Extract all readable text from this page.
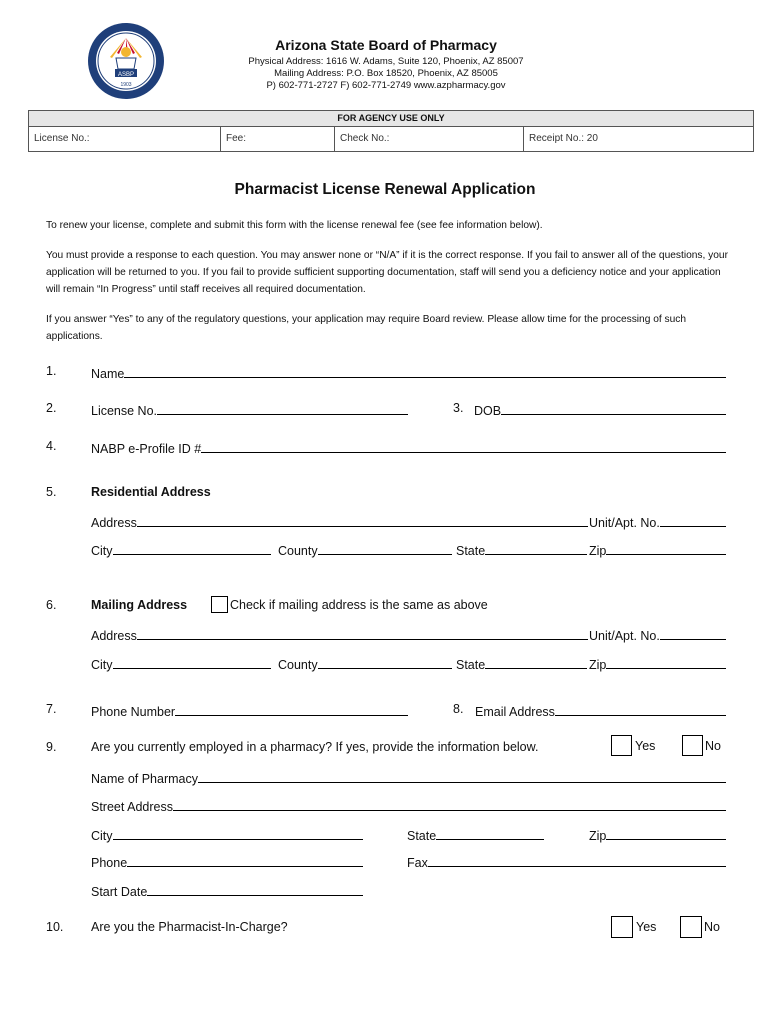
ASBP
1903
Arizona State Board of Pharmacy
Physical Address: 1616 W. Adams, Suite 120, Phoenix, AZ 85007
Mailing Address: P.O. Box 18520, Phoenix, AZ 85005
P) 602-771-2727 F) 602-771-2749 www.azpharmacy.gov
FOR AGENCY USE ONLY
License No.:	Fee:	Check No.:	Receipt No.: 20
Pharmacist License Renewal Application
To renew your license, complete and submit this form with the license renewal fee (see fee information below).
You must provide a response to each question. You may answer none or “N/A” if it is the correct response. If you fail to answer all of the questions, your application will be returned to you. If you fail to provide sufficient supporting documentation, staff will send you a deficiency notice and your application will remain “In Progress” until staff receives all required documentation.
If you answer “Yes” to any of the regulatory questions, your application may require Board review. Please allow time for the processing of such applications.
1.	Name
2.	License No.	3. DOB
4.	NABP e-Profile ID #
5.	Residential Address
Address	Unit/Apt. No.
City	County	State	Zip
6.	Mailing Address	Check if mailing address is the same as above
Address	Unit/Apt. No.
City	County	State	Zip
7.	Phone Number	8. Email Address
9.	Are you currently employed in a pharmacy? If yes, provide the information below.	Yes	No
Name of Pharmacy
Street Address
City	State	Zip
Phone	Fax
Start Date
10. Are you the Pharmacist-In-Charge?	Yes	No
